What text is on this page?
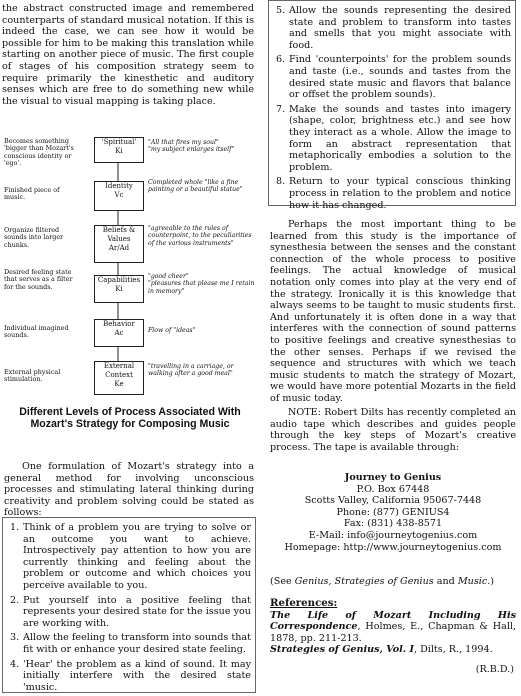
the abstract constructed image and remembered counterparts of standard musical notation. If this is indeed the case, we can see how it would be possible for him to be making this translation while starting on another piece of music. The first couple of stages of his composition strategy seem to require primarily the kinesthetic and auditory senses which are free to do something new while the visual to visual mapping is taking place.

Becomes something 'bigger than Mozart's conscious identity or 'ego'.
'Spiritual'
Ki
"All that fires my soul"
"my subject enlarges itself"
Finished piece of music.
Identity
Vc
Completed whole "like a fine painting or a beautiful statue"
Organize filtered sounds into larger chunks.
Beliefs &
Values
Ar/Ad
"agreeable to the rules of counterpoint, to the peculiarities of the various instruments"
Desired feeling state that serves as a filter for the sounds.
Capabilities
Ki
"good cheer"
"pleasures that please me I retain in memory"
Individual imagined sounds.
Behavior
Ac	Flow of "ideas"
External physical stimulation.
External
Context
Ke
"travelling in a carriage, or walking after a good meal"
Different Levels of Process Associated With Mozart's Strategy for Composing Music

One formulation of Mozart's strategy into a general method for involving unconscious processes and stimulating lateral thinking during creativity and problem solving could be stated as follows:

1. Think of a problem you are trying to solve or an outcome you want to achieve. Introspectively pay attention to how you are currently thinking and feeling about the problem or outcome and which choices you perceive available to you.
2. Put yourself into a positive feeling that represents your desired state for the issue you are working with.
3. Allow the feeling to transform into sounds that fit with or enhance your desired state feeling.
4. 'Hear' the problem as a kind of sound. It may initially interfere with the desired state 'music.
5. Allow the sounds representing the desired state and problem to transform into tastes and smells that you might associate with food.
6. Find 'counterpoints' for the problem sounds and taste (i.e., sounds and tastes from the desired state music and flavors that balance or offset the problem sounds).
7. Make the sounds and tastes into imagery (shape, color, brightness etc.) and see how they interact as a whole. Allow the image to form an abstract representation that metaphorically embodies a solution to the problem.
8. Return to your typical conscious thinking process in relation to the problem and notice how it has changed.

Perhaps the most important thing to be learned from this study is the importance of synesthesia between the senses and the constant connection of the whole process to positive feelings. The actual knowledge of musical notation only comes into play at the very end of the strategy. Ironically it is this knowledge that always seems to be taught to music students first. And unfortunately it is often done in a way that interferes with the connection of sound patterns to positive feelings and creative synesthesias to the other senses. Perhaps if we revised the sequence and structures with which we teach music students to match the strategy of Mozart, we would have more potential Mozarts in the field of music today.

NOTE: Robert Dilts has recently completed an audio tape which describes and guides people through the key steps of Mozart's creative process. The tape is available through:

Journey to Genius
P.O. Box 67448
Scotts Valley, California 95067-7448
Phone: (877) GENIUS4
Fax: (831) 438-8571
E-Mail: info@journeytogenius.com
Homepage: http://www.journeytogenius.com
(See Genius, Strategies of Genius and Music.)
References:
The Life of Mozart Including His Correspondence, Holmes, E., Chapman & Hall, 1878, pp. 211-213.
Strategies of Genius, Vol. I, Dilts, R., 1994.
(R.B.D.)
